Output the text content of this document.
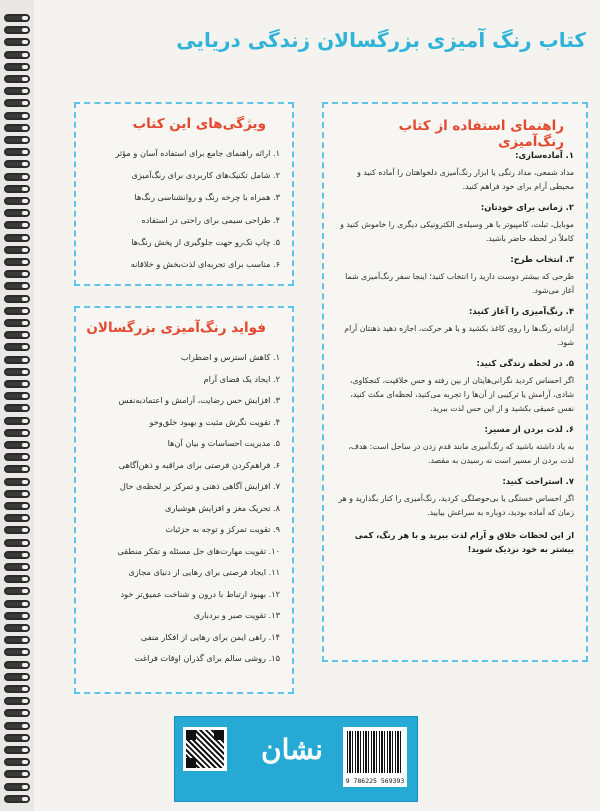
کتاب رنگ آمیزی بزرگسالان زندگی دریایی
راهنمای استفاده از کتاب رنگ‌آمیزی

۱. آماده‌سازی:

مداد شمعی، مداد رنگی یا ابزار رنگ‌آمیزی دلخواهتان را آماده کنید و محیطی آرام برای خود فراهم کنید.

۲. زمانی برای خودتان:

موبایل، تبلت، کامپیوتر یا هر وسیله‌ی الکترونیکی دیگری را خاموش کنید و کاملاً در لحظه حاضر باشید.

۳. انتخاب طرح:

طرحی که بیشتر دوست دارید را انتخاب کنید؛ اینجا سفر رنگ‌آمیزی شما آغاز می‌شود.

۴. رنگ‌آمیزی را آغاز کنید:

آزادانه رنگ‌ها را روی کاغذ بکشید و با هر حرکت، اجازه دهید ذهنتان آرام شود.

۵. در لحظه زندگی کنید:

اگر احساس کردید نگرانی‌هایتان از بین رفته و حس خلاقیت، کنجکاوی، شادی، آرامش یا ترکیبی از آن‌ها را تجربه می‌کنید، لحظه‌ای مکث کنید، نفس عمیقی بکشید و از این حس لذت ببرید.

۶. لذت بردن از مسیر:

به یاد داشته باشید که رنگ‌آمیزی مانند قدم زدن در ساحل است: هدف، لذت بردن از مسیر است نه رسیدن به مقصد.

۷. استراحت کنید:

اگر احساس خستگی یا بی‌حوصلگی کردید، رنگ‌آمیزی را کنار بگذارید و هر زمان که آماده بودید، دوباره به سراغش بیایید.

از این لحظات خلاق و آرام لذت ببرید و با هر رنگ، کمی بیشتر به خود نزدیک شوید!

ویژگی‌های این کتاب
۱. ارائه راهنمای جامع برای استفاده آسان و مؤثر
۲. شامل تکنیک‌های کاربردی برای رنگ‌آمیزی
۳. همراه با چرخه رنگ و روانشناسی رنگ‌ها
۴. طراحی سیمی برای راحتی در استفاده
۵. چاپ تک‌رو جهت جلوگیری از پخش رنگ‌ها
۶. مناسب برای تجربه‌ای لذت‌بخش و خلاقانه
فواید رنگ‌آمیزی بزرگسالان
۱. کاهش استرس و اضطراب
۲. ایجاد یک فضای آرام
۳. افزایش حس رضایت، آرامش و اعتماد‌به‌نفس
۴. تقویت نگرش مثبت و بهبود خلق‌وخو
۵. مدیریت احساسات و بیان آن‌ها
۶. فراهم‌کردن فرصتی برای مراقبه و ذهن‌آگاهی
۷. افزایش آگاهی ذهنی و تمرکز بر لحظه‌ی حال
۸. تحریک مغز و افزایش هوشیاری
۹. تقویت تمرکز و توجه به جزئیات
۱۰. تقویت مهارت‌های حل مسئله و تفکر منطقی
۱۱. ایجاد فرصتی برای رهایی از دنیای مجازی
۱۲. بهبود ارتباط با درون و شناخت عمیق‌تر خود
۱۳. تقویت صبر و بردباری
۱۴. راهی ایمن برای رهایی از افکار منفی
۱۵. روشی سالم برای گذران اوقات فراغت
نشان
9 786225 569393
